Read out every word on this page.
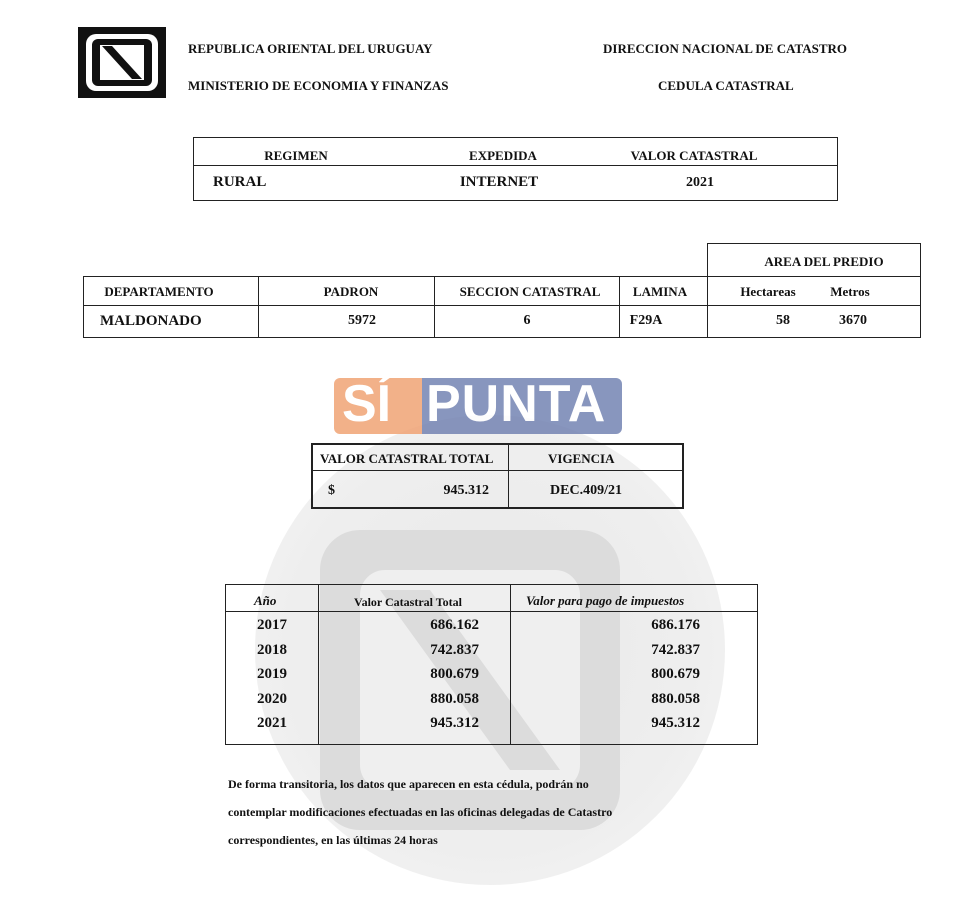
REPUBLICA ORIENTAL DEL URUGUAY
MINISTERIO DE ECONOMIA Y FINANZAS
DIRECCION NACIONAL DE CATASTRO
CEDULA CATASTRAL
REGIMEN	EXPEDIDA	VALOR CATASTRAL
RURAL	INTERNET	2021
AREA DEL PREDIO
DEPARTAMENTO	PADRON	SECCION CATASTRAL	LAMINA	Hectareas	Metros
MALDONADO	5972	6	F29A	58	3670
SÍ PUNTA
VALOR CATASTRAL TOTAL	VIGENCIA
$	945.312	DEC.409/21
Año	Valor Catastral Total	Valor para pago de impuestos
De forma transitoria, los datos que aparecen en esta cédula, podrán no
contemplar modificaciones efectuadas en las oficinas delegadas de Catastro
correspondientes, en las últimas 24 horas
2017	686.162	686.176
2018	742.837	742.837
2019	800.679	800.679
2020	880.058	880.058
2021	945.312	945.312
